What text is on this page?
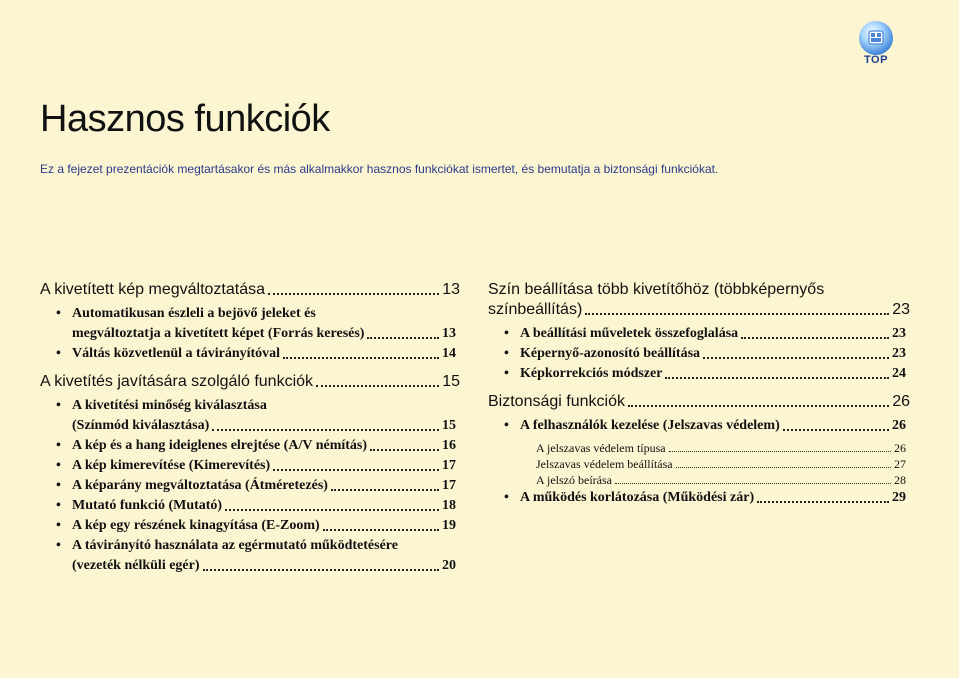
TOP
Hasznos funkciók

Ez a fejezet prezentációk megtartásakor és más alkalmakkor hasznos funkciókat ismertet, és bemutatja a biztonsági funkciókat.

A kivetített kép megváltoztatása	13
• Automatikusan észleli a bejövő jeleket és
megváltoztatja a kivetített képet (Forrás keresés)	13
• Váltás közvetlenül a távirányítóval	14
A kivetítés javítására szolgáló funkciók	15
• A kivetítési minőség kiválasztása
(Színmód kiválasztása)	15
• A kép és a hang ideiglenes elrejtése (A/V némítás)	16
• A kép kimerevítése (Kimerevítés)	17
• A képarány megváltoztatása (Átméretezés)	17
• Mutató funkció (Mutató)	18
• A kép egy részének kinagyítása (E-Zoom)	19
• A távirányító használata az egérmutató működtetésére
(vezeték nélküli egér)	20
Szín beállítása több kivetítőhöz (többképernyős
színbeállítás)	23
• A beállítási műveletek összefoglalása	23
• Képernyő-azonosító beállítása	23
• Képkorrekciós módszer	24
Biztonsági funkciók	26
• A felhasználók kezelése (Jelszavas védelem)	26
A jelszavas védelem típusa	26
Jelszavas védelem beállítása	27
A jelszó beírása	28
• A működés korlátozása (Működési zár)	29
